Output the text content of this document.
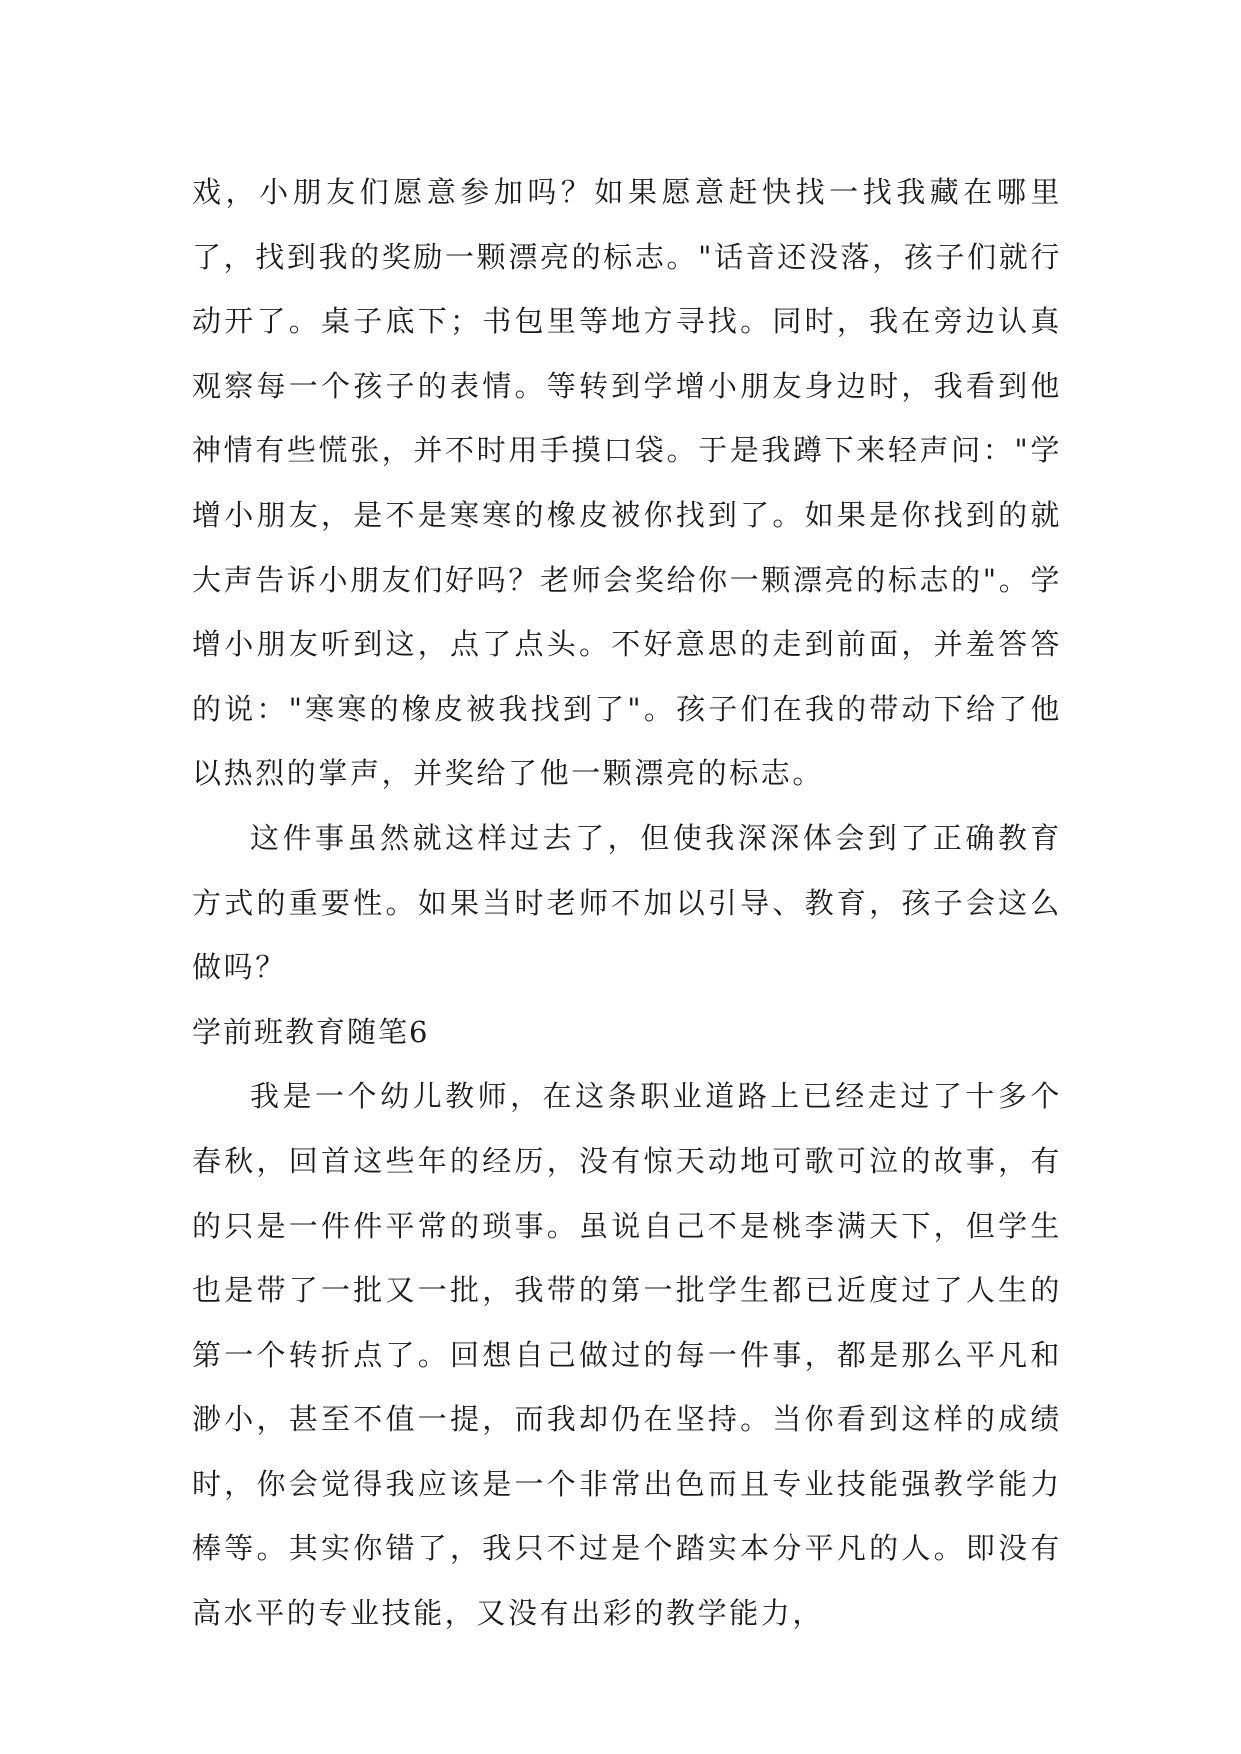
戏，小朋友们愿意参加吗？如果愿意赶快找一找我藏在哪里了，找到我的奖励一颗漂亮的标志。"话音还没落，孩子们就行动开了。桌子底下；书包里等地方寻找。同时，我在旁边认真观察每一个孩子的表情。等转到学增小朋友身边时，我看到他神情有些慌张，并不时用手摸口袋。于是我蹲下来轻声问："学增小朋友，是不是寒寒的橡皮被你找到了。如果是你找到的就大声告诉小朋友们好吗？老师会奖给你一颗漂亮的标志的"。学增小朋友听到这，点了点头。不好意思的走到前面，并羞答答的说："寒寒的橡皮被我找到了"。孩子们在我的带动下给了他以热烈的掌声，并奖给了他一颗漂亮的标志。

这件事虽然就这样过去了，但使我深深体会到了正确教育方式的重要性。如果当时老师不加以引导、教育，孩子会这么做吗？

学前班教育随笔6

我是一个幼儿教师，在这条职业道路上已经走过了十多个春秋，回首这些年的经历，没有惊天动地可歌可泣的故事，有的只是一件件平常的琐事。虽说自己不是桃李满天下，但学生也是带了一批又一批，我带的第一批学生都已近度过了人生的第一个转折点了。回想自己做过的每一件事，都是那么平凡和渺小，甚至不值一提，而我却仍在坚持。当你看到这样的成绩时，你会觉得我应该是一个非常出色而且专业技能强教学能力棒等。其实你错了，我只不过是个踏实本分平凡的人。即没有高水平的专业技能，又没有出彩的教学能力，
